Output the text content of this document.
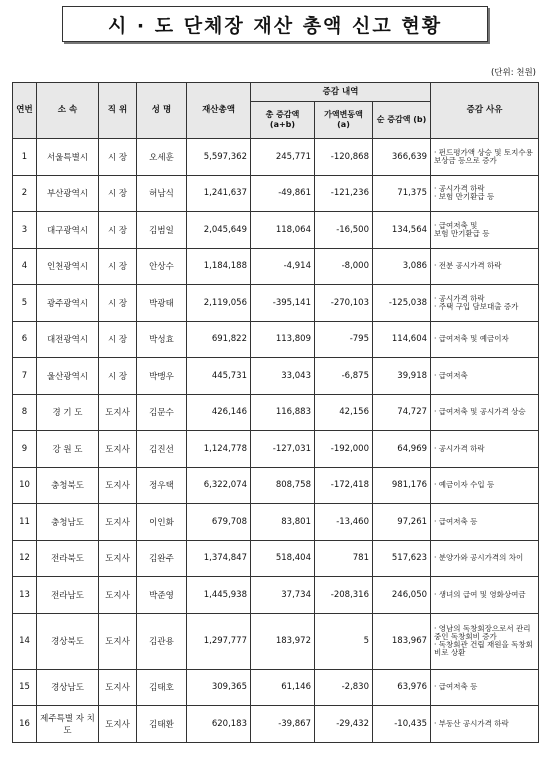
시 · 도 단체장 재산 총액 신고 현황
(단위: 천원)
연번	소 속	직 위	성 명	재산총액	증감 내역			증감 사유
					총 증감액 (a+b)	가액변동액 (a)	순 증감액 (b)	
1	서울특별시	시 장	오세훈	5,597,362	245,771	-120,868	366,639	· 펀드평가액 상승 및 토지수용보상금 등으로 증가

2	부산광역시	시 장	허남식	1,241,637	-49,861	-121,236	71,375	· 공시가격 하락
· 보험 만기환급 등

3	대구광역시	시 장	김범일	2,045,649	118,064	-16,500	134,564	· 급여저축 및
보험 만기환급 등

4	인천광역시	시 장	안상수	1,184,188	-4,914	-8,000	3,086	· 전분 공시가격 하락

5	광주광역시	시 장	박광태	2,119,056	-395,141	-270,103	-125,038	· 공시가격 하락
· 주택 구입 담보대출 증가

6	대전광역시	시 장	박성효	691,822	113,809	-795	114,604	· 급여저축 및 예금이자

7	울산광역시	시 장	박맹우	445,731	33,043	-6,875	39,918	· 급여저축

8	경 기 도	도지사	김문수	426,146	116,883	42,156	74,727	· 급여저축 및 공시가격 상승

9	강 원 도	도지사	김진선	1,124,778	-127,031	-192,000	64,969	· 공시가격 하락

10	충청북도	도지사	정우택	6,322,074	808,758	-172,418	981,176	· 예금이자 수입 등

11	충청남도	도지사	이인화	679,708	83,801	-13,460	97,261	· 급여저축 등

12	전라북도	도지사	김완주	1,374,847	518,404	781	517,623	· 분양가와 공시가격의 차이

13	전라남도	도지사	박준영	1,445,938	37,734	-208,316	246,050	· 생녀의 급여 및 영화상여금

14	경상북도	도지사	김관용	1,297,777	183,972	5	183,967	· 영남의 독창회장으로서 관리중인 독창회비 증가
· 독창회관 건립 재원을 독창회비로 상환

15	경상남도	도지사	김태호	309,365	61,146	-2,830	63,976	· 급여저축 등

16	제주특별 자 치 도	도지사	김태환	620,183	-39,867	-29,432	-10,435	· 부동산 공시가격 하락
